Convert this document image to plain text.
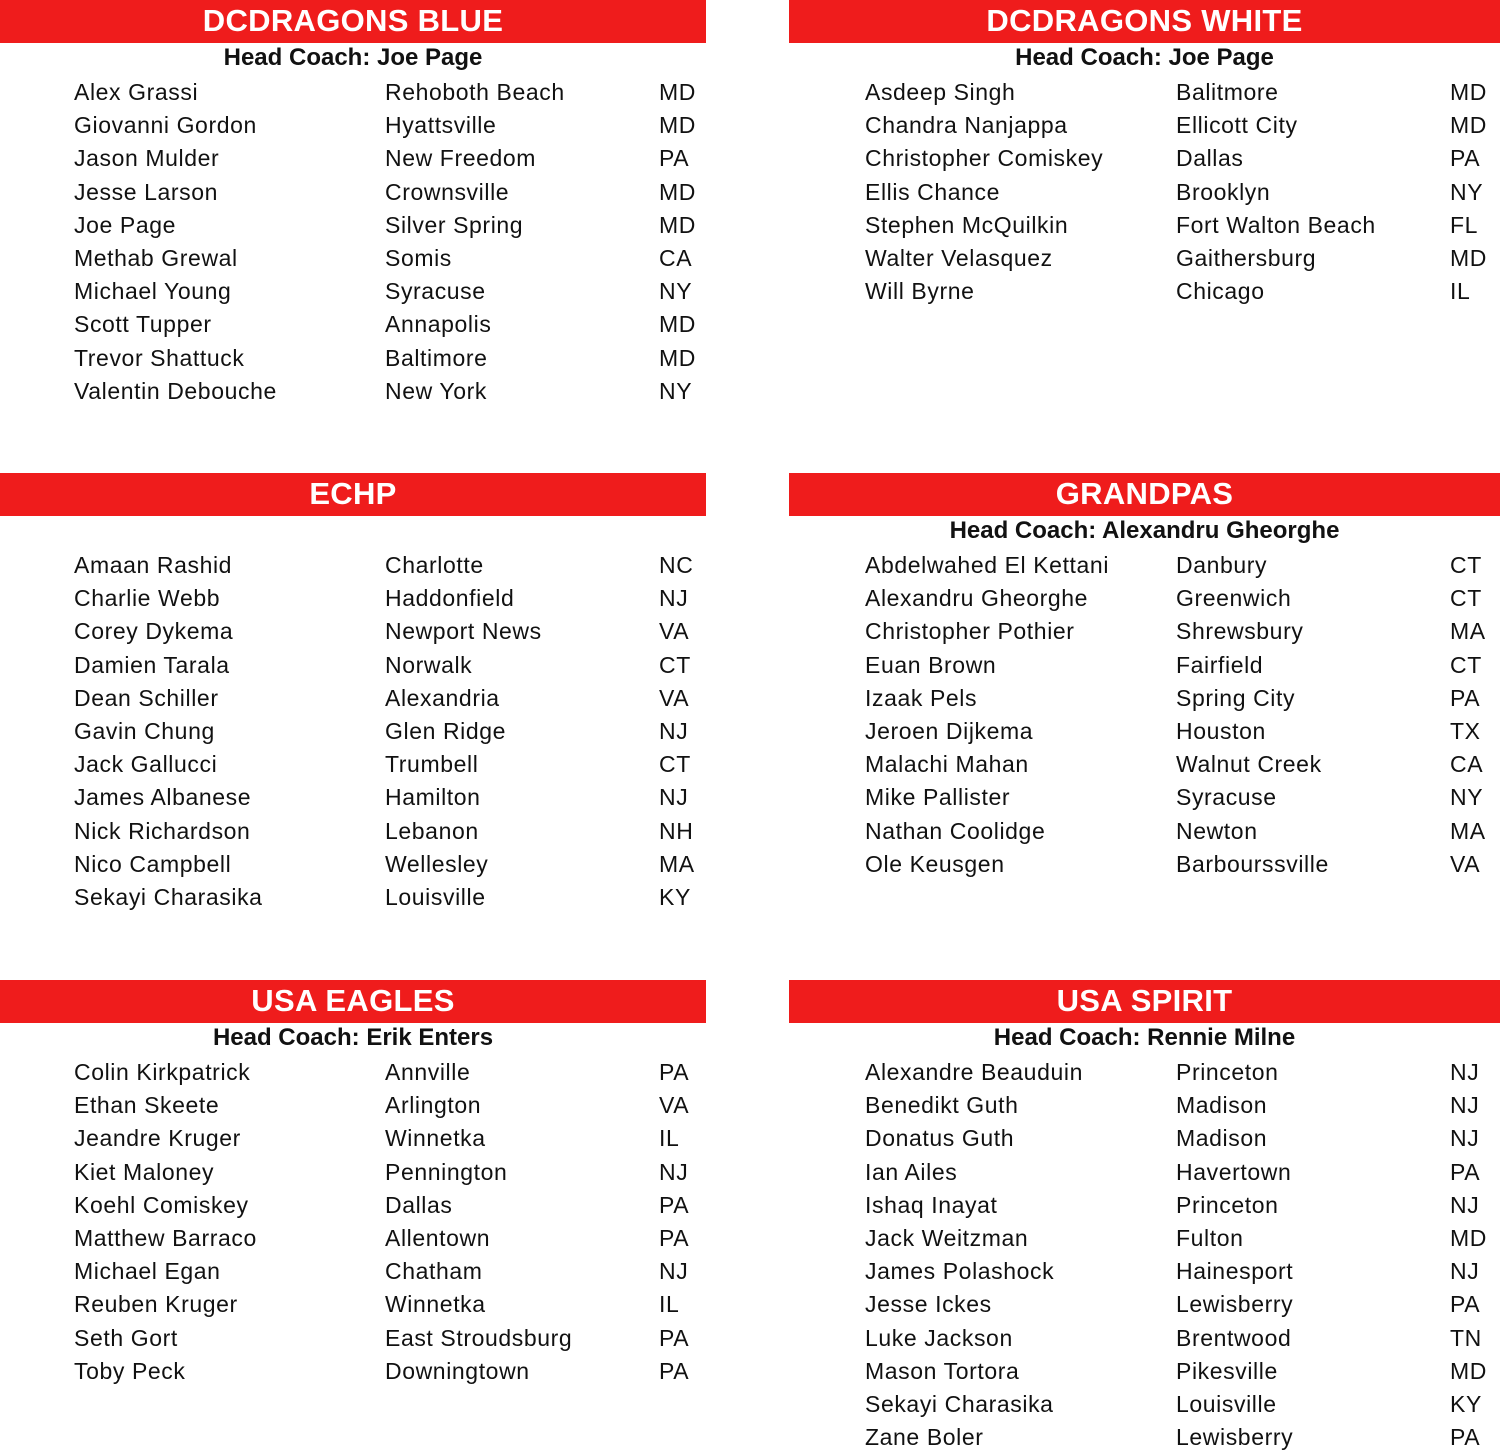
DCDRAGONS BLUE
Head Coach: Joe Page
Alex Grassi	Rehoboth Beach	MD
Giovanni Gordon	Hyattsville	MD
Jason Mulder	New Freedom	PA
Jesse Larson	Crownsville	MD
Joe Page	Silver Spring	MD
Methab Grewal	Somis	CA
Michael Young	Syracuse	NY
Scott Tupper	Annapolis	MD
Trevor Shattuck	Baltimore	MD
Valentin Debouche	New York	NY
DCDRAGONS WHITE
Head Coach: Joe Page
Asdeep Singh	Balitmore	MD
Chandra Nanjappa	Ellicott City	MD
Christopher Comiskey	Dallas	PA
Ellis Chance	Brooklyn	NY
Stephen McQuilkin	Fort Walton Beach	FL
Walter Velasquez	Gaithersburg	MD
Will Byrne	Chicago	IL
ECHP
Amaan Rashid	Charlotte	NC
Charlie Webb	Haddonfield	NJ
Corey Dykema	Newport News	VA
Damien Tarala	Norwalk	CT
Dean Schiller	Alexandria	VA
Gavin Chung	Glen Ridge	NJ
Jack Gallucci	Trumbell	CT
James Albanese	Hamilton	NJ
Nick Richardson	Lebanon	NH
Nico Campbell	Wellesley	MA
Sekayi Charasika	Louisville	KY
GRANDPAS
Head Coach: Alexandru Gheorghe
Abdelwahed El Kettani	Danbury	CT
Alexandru Gheorghe	Greenwich	CT
Christopher Pothier	Shrewsbury	MA
Euan Brown	Fairfield	CT
Izaak Pels	Spring City	PA
Jeroen Dijkema	Houston	TX
Malachi Mahan	Walnut Creek	CA
Mike Pallister	Syracuse	NY
Nathan Coolidge	Newton	MA
Ole Keusgen	Barbourssville	VA
USA EAGLES
Head Coach: Erik Enters
Colin Kirkpatrick	Annville	PA
Ethan Skeete	Arlington	VA
Jeandre Kruger	Winnetka	IL
Kiet Maloney	Pennington	NJ
Koehl Comiskey	Dallas	PA
Matthew Barraco	Allentown	PA
Michael Egan	Chatham	NJ
Reuben Kruger	Winnetka	IL
Seth Gort	East Stroudsburg	PA
Toby Peck	Downingtown	PA
USA SPIRIT
Head Coach: Rennie Milne
Alexandre Beauduin	Princeton	NJ
Benedikt Guth	Madison	NJ
Donatus Guth	Madison	NJ
Ian Ailes	Havertown	PA
Ishaq Inayat	Princeton	NJ
Jack Weitzman	Fulton	MD
James Polashock	Hainesport	NJ
Jesse Ickes	Lewisberry	PA
Luke Jackson	Brentwood	TN
Mason Tortora	Pikesville	MD
Sekayi Charasika	Louisville	KY
Zane Boler	Lewisberry	PA
